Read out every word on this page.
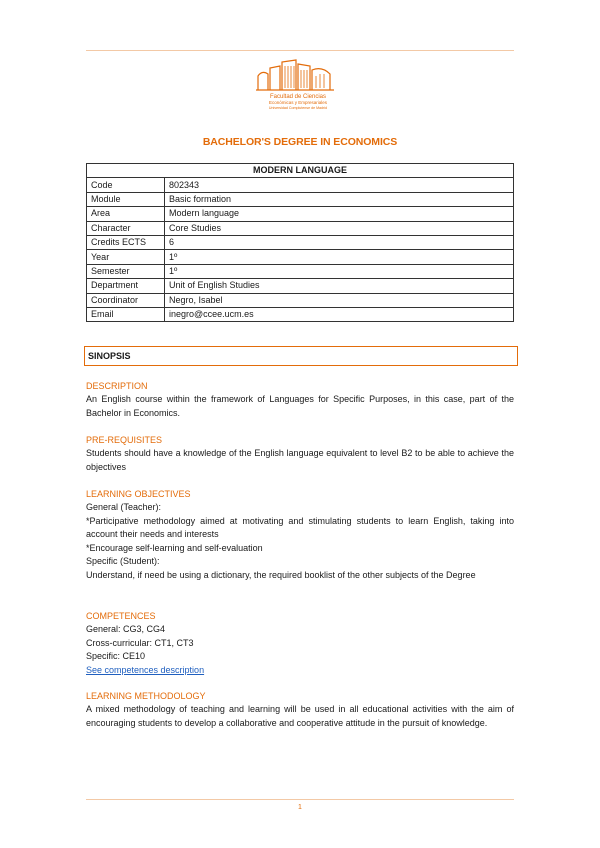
Facultad de Ciencias
Económicas y Empresariales
Universidad Complutense de Madrid
BACHELOR'S DEGREE IN ECONOMICS
MODERN LANGUAGE	
Code	802343
Module	Basic formation
Area	Modern language
Character	Core Studies
Credits ECTS	6
Year	1º
Semester	1º
Department	Unit of English Studies
Coordinator	Negro, Isabel
Email	inegro@ccee.ucm.es
SINOPSIS
DESCRIPTION

An English course within the framework of Languages for Specific Purposes, in this case, part of the Bachelor in Economics.

PRE-REQUISITES

Students should have a knowledge of the English language equivalent to level B2 to be able to achieve the objectives

LEARNING OBJECTIVES

General (Teacher):

*Participative methodology aimed at motivating and stimulating students to learn English, taking into account their needs and interests

*Encourage self-learning and self-evaluation

Specific (Student):

Understand, if need be using a dictionary, the required booklist of the other subjects of the Degree

COMPETENCES

General: CG3, CG4

Cross-curricular: CT1, CT3

Specific: CE10

See competences description

LEARNING METHODOLOGY

A mixed methodology of teaching and learning will be used in all educational activities with the aim of encouraging students to develop a collaborative and cooperative attitude in the pursuit of knowledge.

1
